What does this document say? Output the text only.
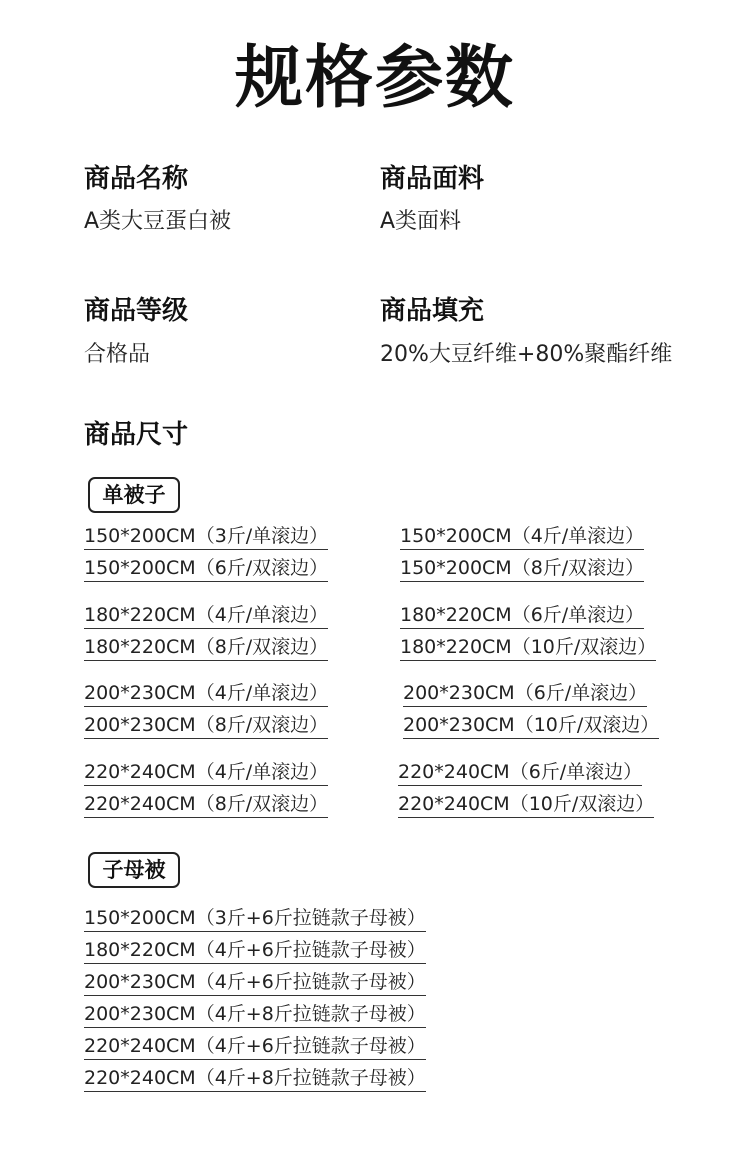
规格参数
商品名称
A类大豆蛋白被
商品面料
A类面料
商品等级
合格品
商品填充
20%大豆纤维+80%聚酯纤维
商品尺寸
单被子
150*200CM（3斤/单滚边）	150*200CM（4斤/单滚边）
150*200CM（6斤/双滚边）	150*200CM（8斤/双滚边）
180*220CM（4斤/单滚边）	180*220CM（6斤/单滚边）
180*220CM（8斤/双滚边）	180*220CM（10斤/双滚边）
200*230CM（4斤/单滚边）	200*230CM（6斤/单滚边）
200*230CM（8斤/双滚边）	200*230CM（10斤/双滚边）
220*240CM（4斤/单滚边）	220*240CM（6斤/单滚边）
220*240CM（8斤/双滚边）	220*240CM（10斤/双滚边）
子母被
150*200CM（3斤+6斤拉链款子母被）
180*220CM（4斤+6斤拉链款子母被）
200*230CM（4斤+6斤拉链款子母被）
200*230CM（4斤+8斤拉链款子母被）
220*240CM（4斤+6斤拉链款子母被）
220*240CM（4斤+8斤拉链款子母被）
